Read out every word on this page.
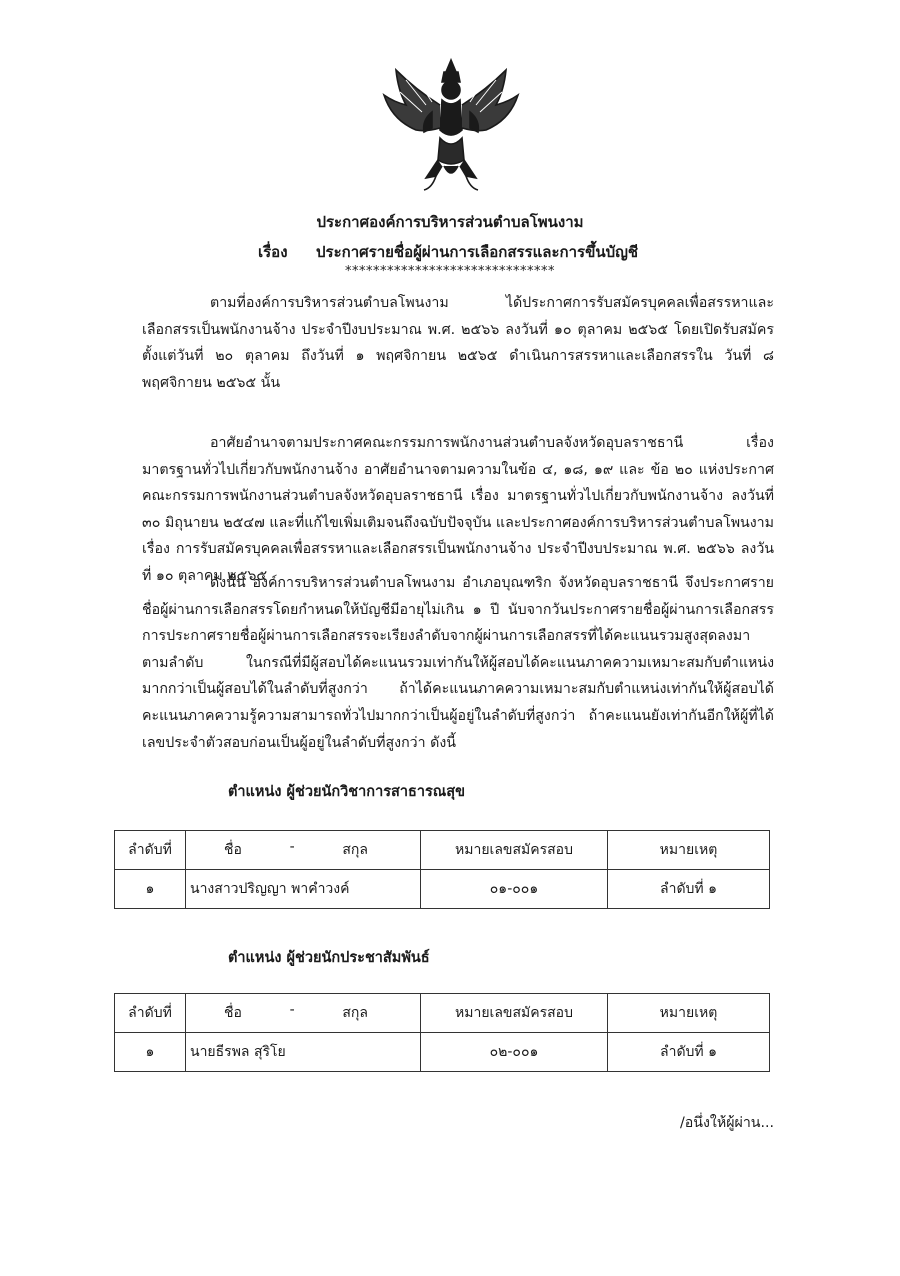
ประกาศองค์การบริหารส่วนตำบลโพนงาม
เรื่อง ประกาศรายชื่อผู้ผ่านการเลือกสรรและการขึ้นบัญชี
******************************
ตามที่องค์การบริหารส่วนตำบลโพนงาม ได้ประกาศการรับสมัครบุคคลเพื่อสรรหาและเลือกสรรเป็นพนักงานจ้าง ประจำปีงบประมาณ พ.ศ. ๒๕๖๖ ลงวันที่ ๑๐ ตุลาคม ๒๕๖๕ โดยเปิดรับสมัครตั้งแต่วันที่ ๒๐ ตุลาคม ถึงวันที่ ๑ พฤศจิกายน ๒๕๖๕ ดำเนินการสรรหาและเลือกสรรใน วันที่ ๘ พฤศจิกายน ๒๕๖๕ นั้น
อาศัยอำนาจตามประกาศคณะกรรมการพนักงานส่วนตำบลจังหวัดอุบลราชธานี เรื่อง มาตรฐานทั่วไปเกี่ยวกับพนักงานจ้าง อาศัยอำนาจตามความในข้อ ๔, ๑๘, ๑๙ และ ข้อ ๒๐ แห่งประกาศคณะกรรมการพนักงานส่วนตำบลจังหวัดอุบลราชธานี เรื่อง มาตรฐานทั่วไปเกี่ยวกับพนักงานจ้าง ลงวันที่ ๓๐ มิถุนายน ๒๕๔๗ และที่แก้ไขเพิ่มเติมจนถึงฉบับปัจจุบัน และประกาศองค์การบริหารส่วนตำบลโพนงาม เรื่อง การรับสมัครบุคคลเพื่อสรรหาและเลือกสรรเป็นพนักงานจ้าง ประจำปีงบประมาณ พ.ศ. ๒๕๖๖ ลงวันที่ ๑๐ ตุลาคม ๒๕๖๕
ดังนั้น องค์การบริหารส่วนตำบลโพนงาม อำเภอบุณฑริก จังหวัดอุบลราชธานี จึงประกาศรายชื่อผู้ผ่านการเลือกสรรโดยกำหนดให้บัญชีมีอายุไม่เกิน ๑ ปี นับจากวันประกาศรายชื่อผู้ผ่านการเลือกสรร การประกาศรายชื่อผู้ผ่านการเลือกสรรจะเรียงลำดับจากผู้ผ่านการเลือกสรรที่ได้คะแนนรวมสูงสุดลงมาตามลำดับ ในกรณีที่มีผู้สอบได้คะแนนรวมเท่ากันให้ผู้สอบได้คะแนนภาคความเหมาะสมกับตำแหน่งมากกว่าเป็นผู้สอบได้ในลำดับที่สูงกว่า ถ้าได้คะแนนภาคความเหมาะสมกับตำแหน่งเท่ากันให้ผู้สอบได้คะแนนภาคความรู้ความสามารถทั่วไปมากกว่าเป็นผู้อยู่ในลำดับที่สูงกว่า ถ้าคะแนนยังเท่ากันอีกให้ผู้ที่ได้เลขประจำตัวสอบก่อนเป็นผู้อยู่ในลำดับที่สูงกว่า ดังนี้
ตำแหน่ง ผู้ช่วยนักวิชาการสาธารณสุข
ลำดับที่	ชื่อ - สกุล	หมายเลขสมัครสอบ	หมายเหตุ
๑	นางสาวปริญญา พาคำวงค์	๐๑-๐๐๑	ลำดับที่ ๑
ตำแหน่ง ผู้ช่วยนักประชาสัมพันธ์
ลำดับที่	ชื่อ - สกุล	หมายเลขสมัครสอบ	หมายเหตุ
๑	นายธีรพล สุริโย	๐๒-๐๐๑	ลำดับที่ ๑
/อนึ่งให้ผู้ผ่าน...
